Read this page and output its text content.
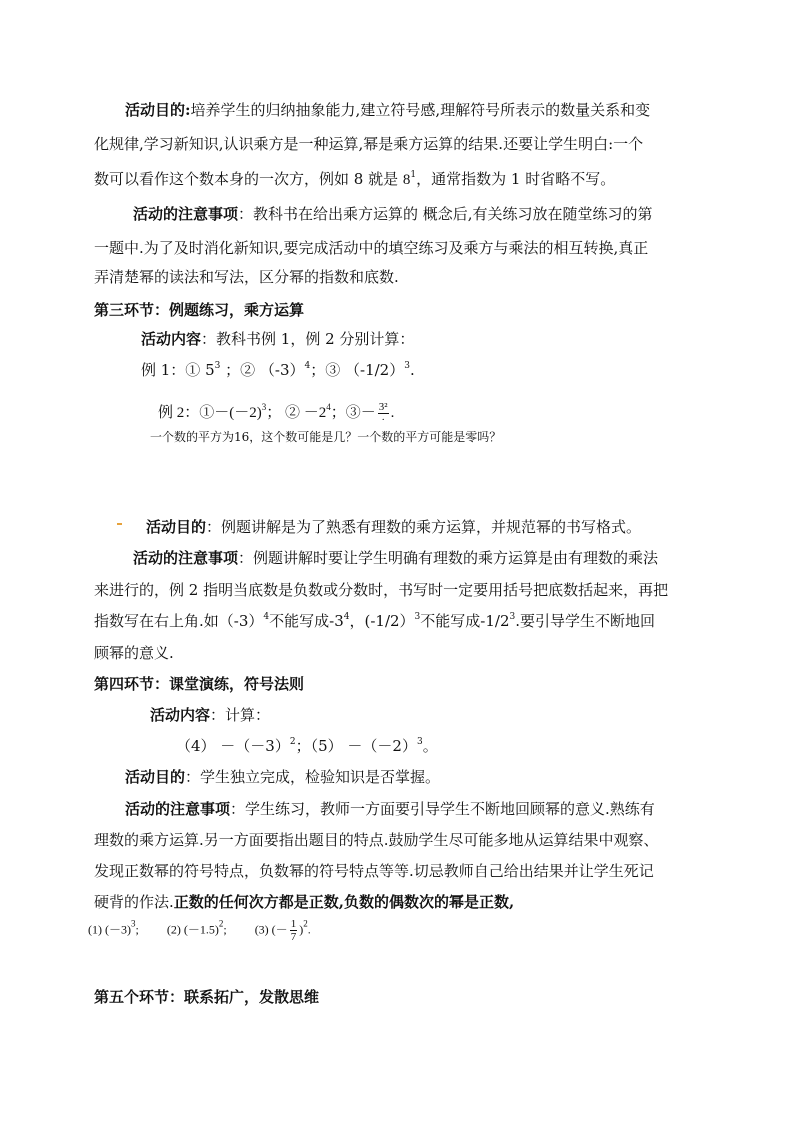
活动目的:培养学生的归纳抽象能力,建立符号感,理解符号所表示的数量关系和变
化规律,学习新知识,认识乘方是一种运算,幂是乘方运算的结果.还要让学生明白:一个
数可以看作这个数本身的一次方，例如 8 就是 $8^1$，通常指数为 1 时省略不写。
活动的注意事项：教科书在给出乘方运算的 概念后,有关练习放在随堂练习的第
一题中.为了及时消化新知识,要完成活动中的填空练习及乘方与乘法的相互转换,真正
弄清楚幂的读法和写法，区分幂的指数和底数.
第三环节：例题练习，乘方运算
活动内容：教科书例 1，例 2 分别计算：
例 1：① $5^3$ ；② $(-3)^4$；③ $(-1/2)^3$.
例 2：$①-(-2)^3$； ② $-2^4$；③－ $\frac{\text{3²}}{\cdot}$ .
一个数的平方为16，这个数可能是几？一个数的平方可能是零吗？
活动目的：例题讲解是为了熟悉有理数的乘方运算，并规范幂的书写格式。
活动的注意事项：例题讲解时要让学生明确有理数的乘方运算是由有理数的乘法
来进行的，例 2 指明当底数是负数或分数时，书写时一定要用括号把底数括起来，再把
指数写在右上角.如$(-3)^4$不能写成$-3^4$，(-1/2）$^3$不能写成$-1/2^3$.要引导学生不断地回
顾幂的意义.
第四环节：课堂演练，符号法则
活动内容：计算：
$(4) -(-3)^2$；$(5) -(-2)^3$。
活动目的：学生独立完成，检验知识是否掌握。
活动的注意事项：学生练习，教师一方面要引导学生不断地回顾幂的意义.熟练有
理数的乘方运算.另一方面要指出题目的特点.鼓励学生尽可能多地从运算结果中观察、
发现正数幂的符号特点，负数幂的符号特点等等.切忌教师自己给出结果并让学生死记
硬背的作法.正数的任何次方都是正数,负数的偶数次的幂是正数,
(1) $(-3)^3$; (2) $(-1.5)^2$; (3) (－ $\frac{1}{7} )^2$.
第五个环节：联系拓广，发散思维
